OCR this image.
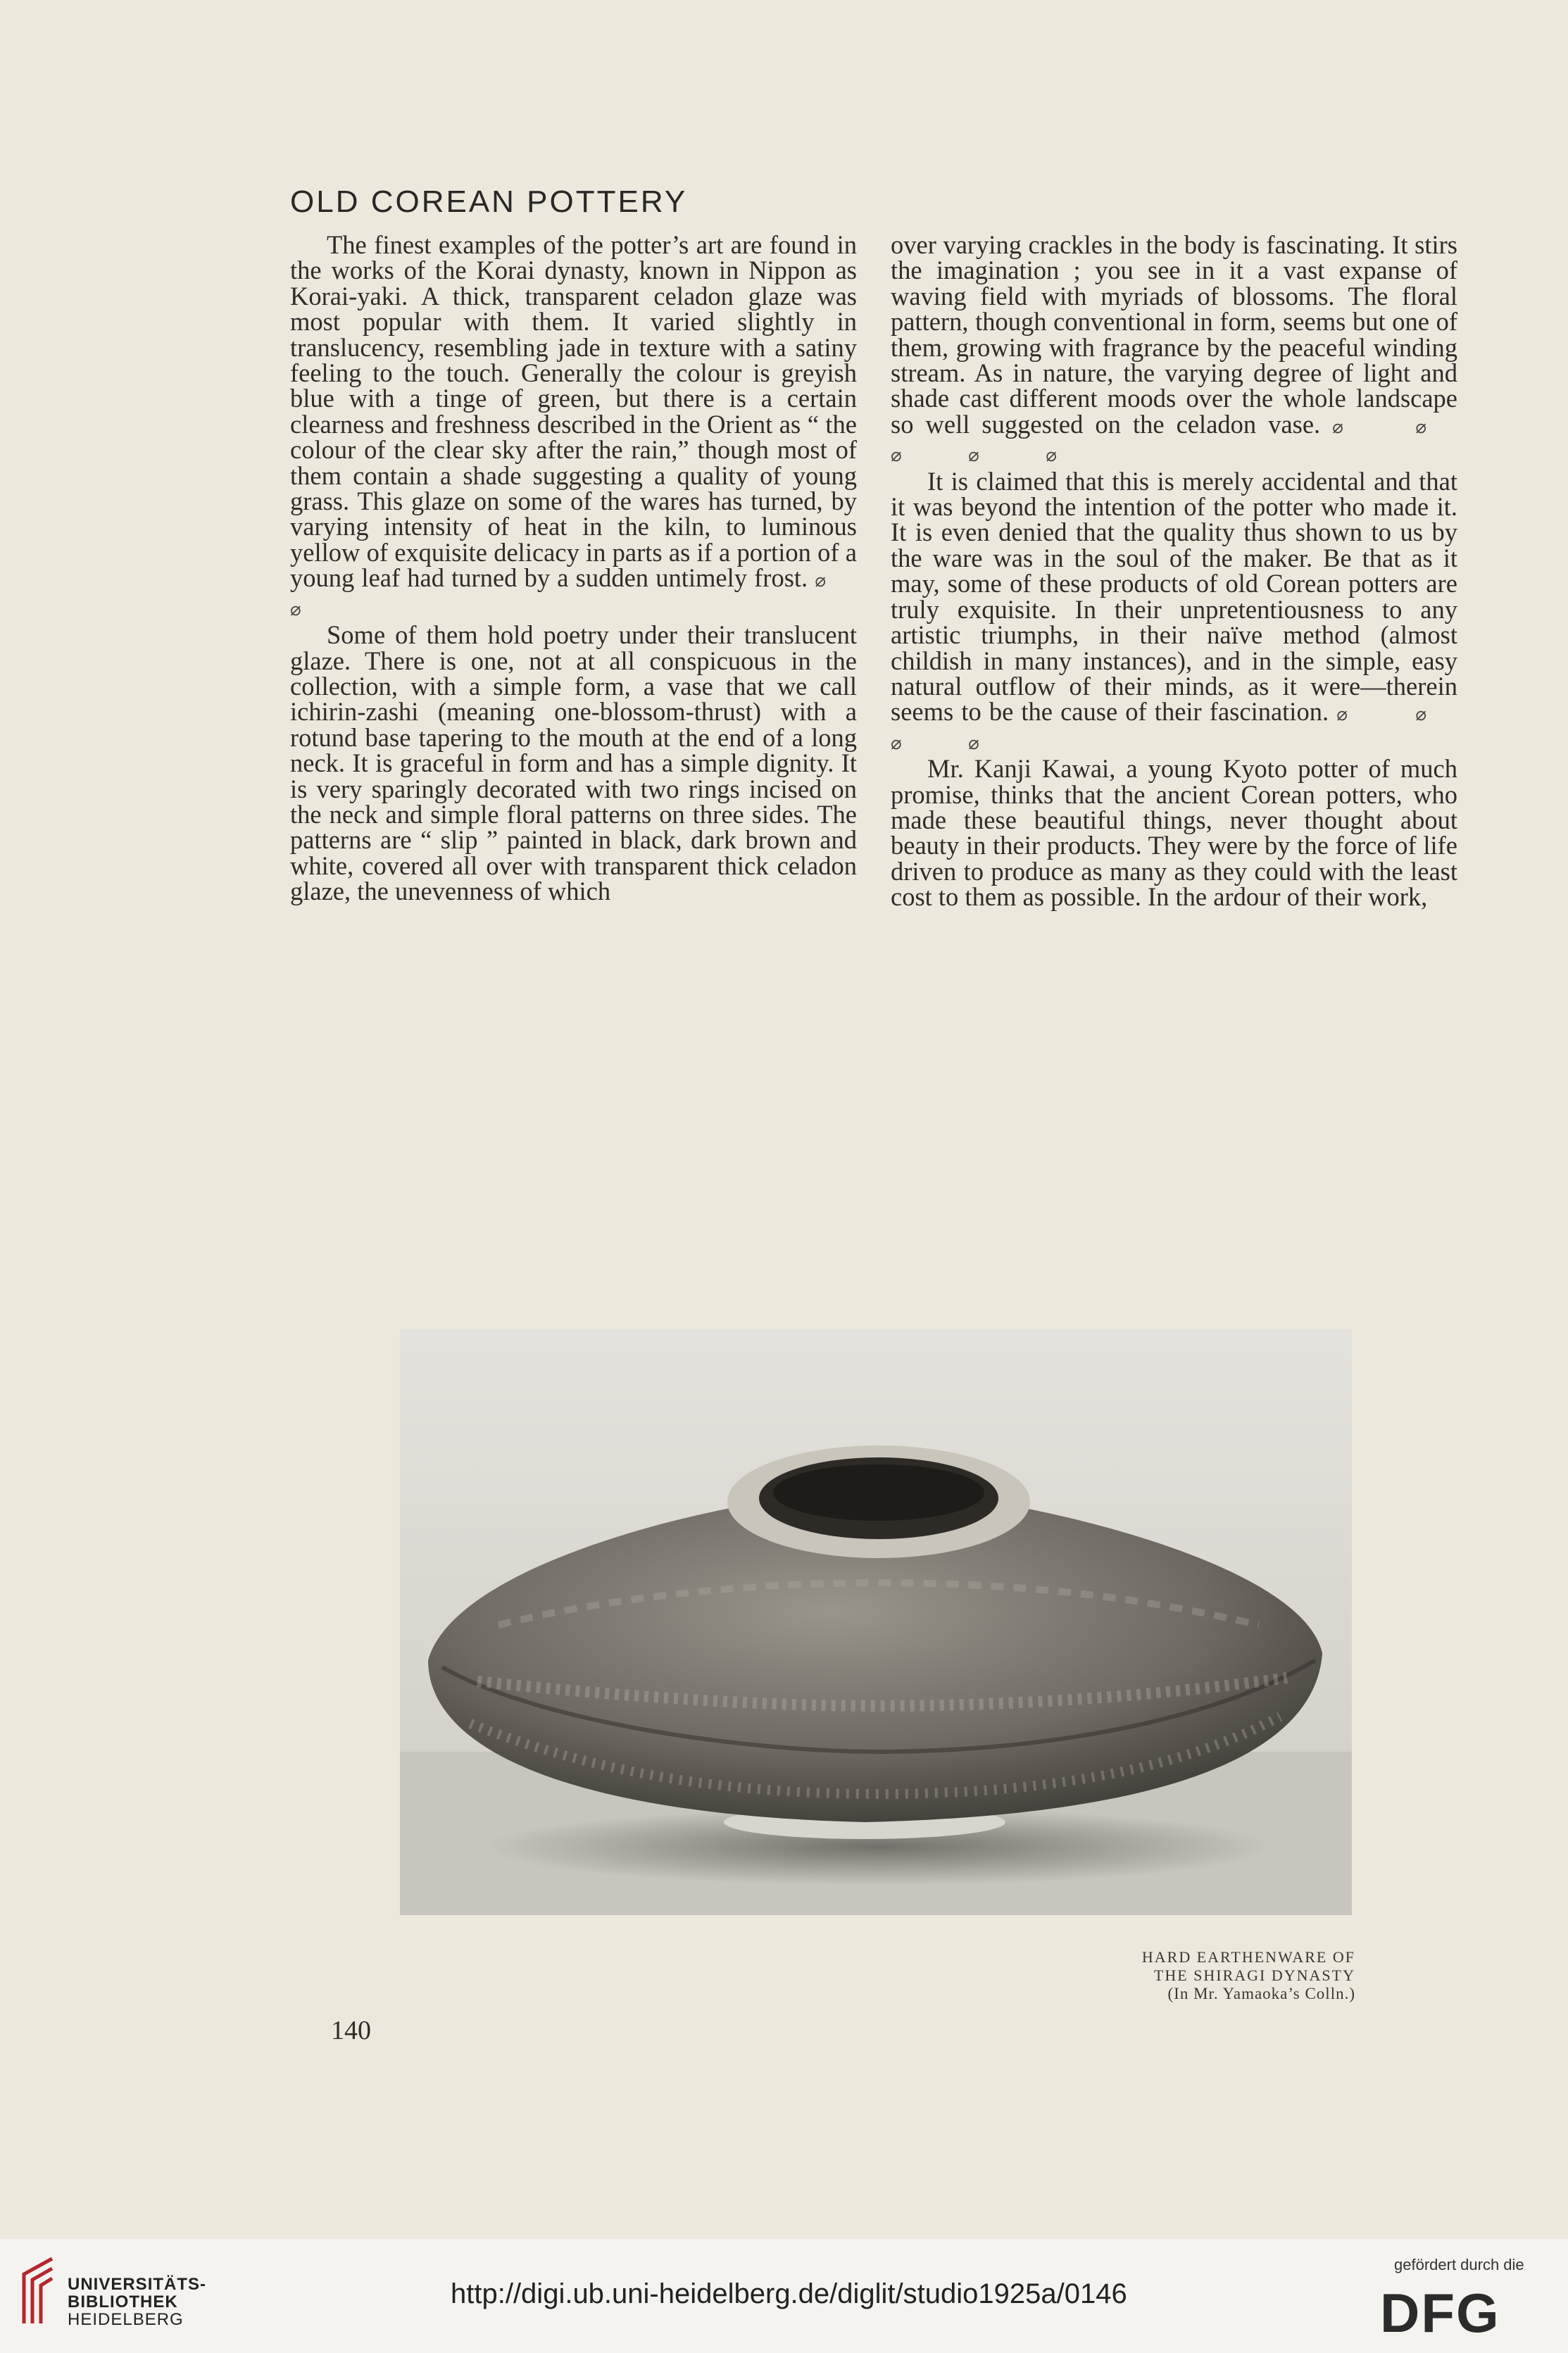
OLD COREAN POTTERY

The finest examples of the potter’s art are found in the works of the Korai dynasty, known in Nippon as Korai-yaki. A thick, transparent celadon glaze was most popular with them. It varied slightly in translucency, resembling jade in texture with a satiny feeling to the touch. Generally the colour is greyish blue with a tinge of green, but there is a certain clearness and freshness described in the Orient as “ the colour of the clear sky after the rain,” though most of them contain a shade suggesting a quality of young grass. This glaze on some of the wares has turned, by varying intensity of heat in the kiln, to luminous yellow of exquisite delicacy in parts as if a portion of a young leaf had turned by a sudden untimely frost. ⌀ ⌀

Some of them hold poetry under their translucent glaze. There is one, not at all conspicuous in the collection, with a simple form, a vase that we call ichirin-zashi (meaning one-blossom-thrust) with a rotund base tapering to the mouth at the end of a long neck. It is graceful in form and has a simple dignity. It is very sparingly decorated with two rings incised on the neck and simple floral patterns on three sides. The patterns are “ slip ” painted in black, dark brown and white, covered all over with transparent thick celadon glaze, the unevenness of which

over varying crackles in the body is fascinating. It stirs the imagination ; you see in it a vast expanse of waving field with myriads of blossoms. The floral pattern, though conventional in form, seems but one of them, growing with fragrance by the peaceful winding stream. As in nature, the varying degree of light and shade cast different moods over the whole landscape so well suggested on the celadon vase. ⌀ ⌀ ⌀ ⌀ ⌀

It is claimed that this is merely accidental and that it was beyond the intention of the potter who made it. It is even denied that the quality thus shown to us by the ware was in the soul of the maker. Be that as it may, some of these products of old Corean potters are truly exquisite. In their unpretentiousness to any artistic triumphs, in their naïve method (almost childish in many instances), and in the simple, easy natural outflow of their minds, as it were—therein seems to be the cause of their fascination. ⌀ ⌀ ⌀ ⌀

Mr. Kanji Kawai, a young Kyoto potter of much promise, thinks that the ancient Corean potters, who made these beautiful things, never thought about beauty in their products. They were by the force of life driven to produce as many as they could with the least cost to them as possible. In the ardour of their work,

HARD EARTHENWARE OF
THE SHIRAGI DYNASTY
(In Mr. Yamaoka’s Colln.)
140
UNIVERSITÄTS-
BIBLIOTHEK
HEIDELBERG
http://digi.ub.uni-heidelberg.de/diglit/studio1925a/0146
gefördert durch die
DFG
